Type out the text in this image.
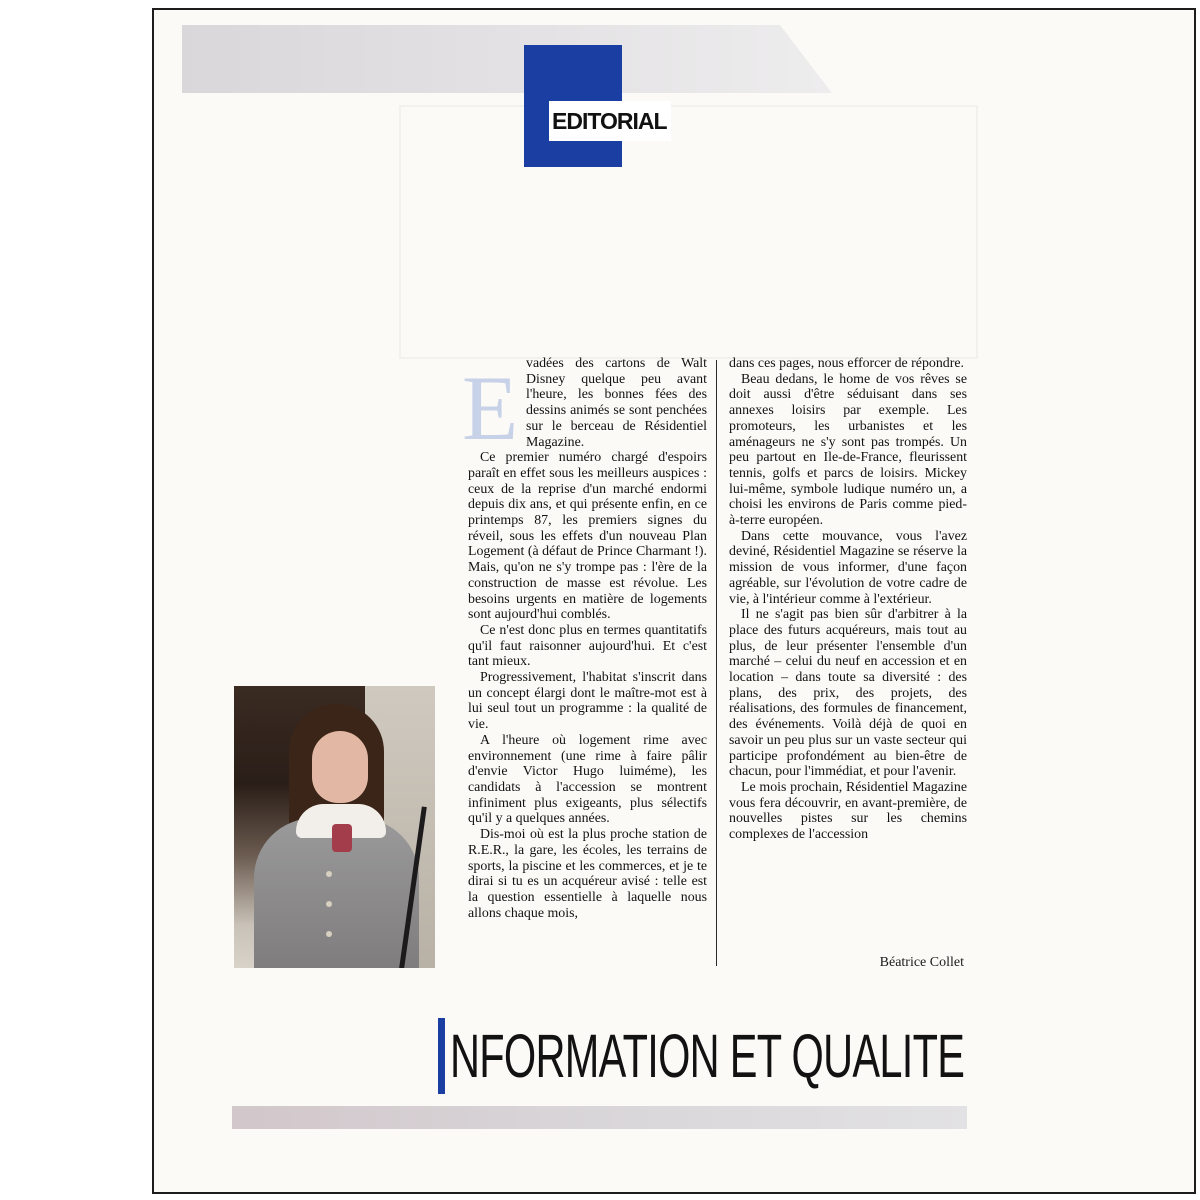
EDITORIAL
E vadées des cartons de Walt Disney quelque peu avant l'heure, les bonnes fées des dessins animés se sont penchées sur le berceau de Résidentiel Magazine.

Ce premier numéro chargé d'espoirs paraît en effet sous les meilleurs auspices : ceux de la reprise d'un marché endormi depuis dix ans, et qui présente enfin, en ce printemps 87, les premiers signes du réveil, sous les effets d'un nouveau Plan Logement (à défaut de Prince Charmant !). Mais, qu'on ne s'y trompe pas : l'ère de la construction de masse est révolue. Les besoins urgents en matière de logements sont aujourd'hui comblés.

Ce n'est donc plus en termes quantitatifs qu'il faut raisonner aujourd'hui. Et c'est tant mieux.

Progressivement, l'habitat s'inscrit dans un concept élargi dont le maître-mot est à lui seul tout un programme : la qualité de vie.

A l'heure où logement rime avec environnement (une rime à faire pâlir d'envie Victor Hugo luiméme), les candidats à l'accession se montrent infiniment plus exigeants, plus sélectifs qu'il y a quelques années.

Dis-moi où est la plus proche station de R.E.R., la gare, les écoles, les terrains de sports, la piscine et les commerces, et je te dirai si tu es un acquéreur avisé : telle est la question essentielle à laquelle nous allons chaque mois,

dans ces pages, nous efforcer de répondre.

Beau dedans, le home de vos rêves se doit aussi d'être séduisant dans ses annexes loisirs par exemple. Les promoteurs, les urbanistes et les aménageurs ne s'y sont pas trompés. Un peu partout en Ile-de-France, fleurissent tennis, golfs et parcs de loisirs. Mickey lui-même, symbole ludique numéro un, a choisi les environs de Paris comme pied-à-terre européen.

Dans cette mouvance, vous l'avez deviné, Résidentiel Magazine se réserve la mission de vous informer, d'une façon agréable, sur l'évolution de votre cadre de vie, à l'intérieur comme à l'extérieur.

Il ne s'agit pas bien sûr d'arbitrer à la place des futurs acquéreurs, mais tout au plus, de leur présenter l'ensemble d'un marché – celui du neuf en accession et en location – dans toute sa diversité : des plans, des prix, des projets, des réalisations, des formules de financement, des événements. Voilà déjà de quoi en savoir un peu plus sur un vaste secteur qui participe profondément au bien-être de chacun, pour l'immédiat, et pour l'avenir.

Le mois prochain, Résidentiel Magazine vous fera découvrir, en avant-première, de nouvelles pistes sur les chemins complexes de l'accession

Béatrice Collet
NFORMATION ET QUALITE
